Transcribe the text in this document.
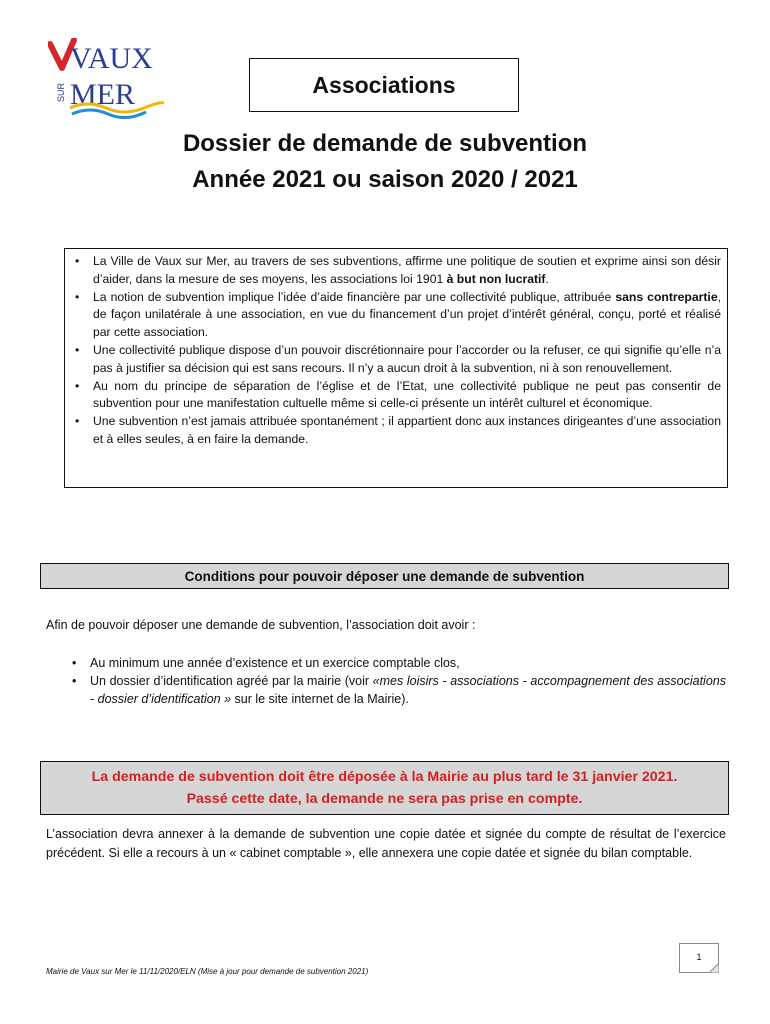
VAUX
SUR MER	Associations
Dossier de demande de subvention
Année 2021 ou saison 2020 / 2021
• La Ville de Vaux sur Mer, au travers de ses subventions, affirme une politique de soutien et exprime ainsi son désir d’aider, dans la mesure de ses moyens, les associations loi 1901 à but non lucratif.
• La notion de subvention implique l’idée d’aide financière par une collectivité publique, attribuée sans contrepartie, de façon unilatérale à une association, en vue du financement d’un projet d’intérêt général, conçu, porté et réalisé par cette association.
• Une collectivité publique dispose d’un pouvoir discrétionnaire pour l’accorder ou la refuser, ce qui signifie qu’elle n’a pas à justifier sa décision qui est sans recours. Il n’y a aucun droit à la subvention, ni à son renouvellement.
• Au nom du principe de séparation de l’église et de l’Etat, une collectivité publique ne peut pas consentir de subvention pour une manifestation cultuelle même si celle-ci présente un intérêt culturel et économique.
• Une subvention n’est jamais attribuée spontanément ; il appartient donc aux instances dirigeantes d’une association et à elles seules, à en faire la demande.
Conditions pour pouvoir déposer une demande de subvention
Afin de pouvoir déposer une demande de subvention, l’association doit avoir :
• Au minimum une année d’existence et un exercice comptable clos,
• Un dossier d’identification agréé par la mairie (voir «mes loisirs - associations - accompagnement des associations - dossier d’identification » sur le site internet de la Mairie).
La demande de subvention doit être déposée à la Mairie au plus tard le 31 janvier 2021.
Passé cette date, la demande ne sera pas prise en compte.
L’association devra annexer à la demande de subvention une copie datée et signée du compte de résultat de l’exercice précédent. Si elle a recours à un « cabinet comptable », elle annexera une copie datée et signée du bilan comptable.
1
Mairie de Vaux sur Mer le 11/11/2020/ELN (Mise à jour pour demande de subvention 2021)
